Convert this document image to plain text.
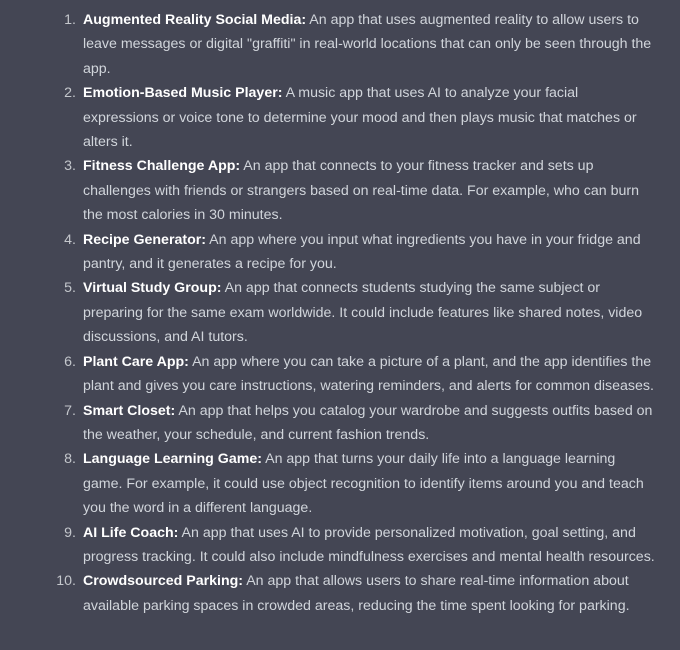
1. Augmented Reality Social Media: An app that uses augmented reality to allow users to leave messages or digital "graffiti" in real-world locations that can only be seen through the app.
2. Emotion-Based Music Player: A music app that uses AI to analyze your facial expressions or voice tone to determine your mood and then plays music that matches or alters it.
3. Fitness Challenge App: An app that connects to your fitness tracker and sets up challenges with friends or strangers based on real-time data. For example, who can burn the most calories in 30 minutes.
4. Recipe Generator: An app where you input what ingredients you have in your fridge and pantry, and it generates a recipe for you.
5. Virtual Study Group: An app that connects students studying the same subject or preparing for the same exam worldwide. It could include features like shared notes, video discussions, and AI tutors.
6. Plant Care App: An app where you can take a picture of a plant, and the app identifies the plant and gives you care instructions, watering reminders, and alerts for common diseases.
7. Smart Closet: An app that helps you catalog your wardrobe and suggests outfits based on the weather, your schedule, and current fashion trends.
8. Language Learning Game: An app that turns your daily life into a language learning game. For example, it could use object recognition to identify items around you and teach you the word in a different language.
9. AI Life Coach: An app that uses AI to provide personalized motivation, goal setting, and progress tracking. It could also include mindfulness exercises and mental health resources.
10. Crowdsourced Parking: An app that allows users to share real-time information about available parking spaces in crowded areas, reducing the time spent looking for parking.
